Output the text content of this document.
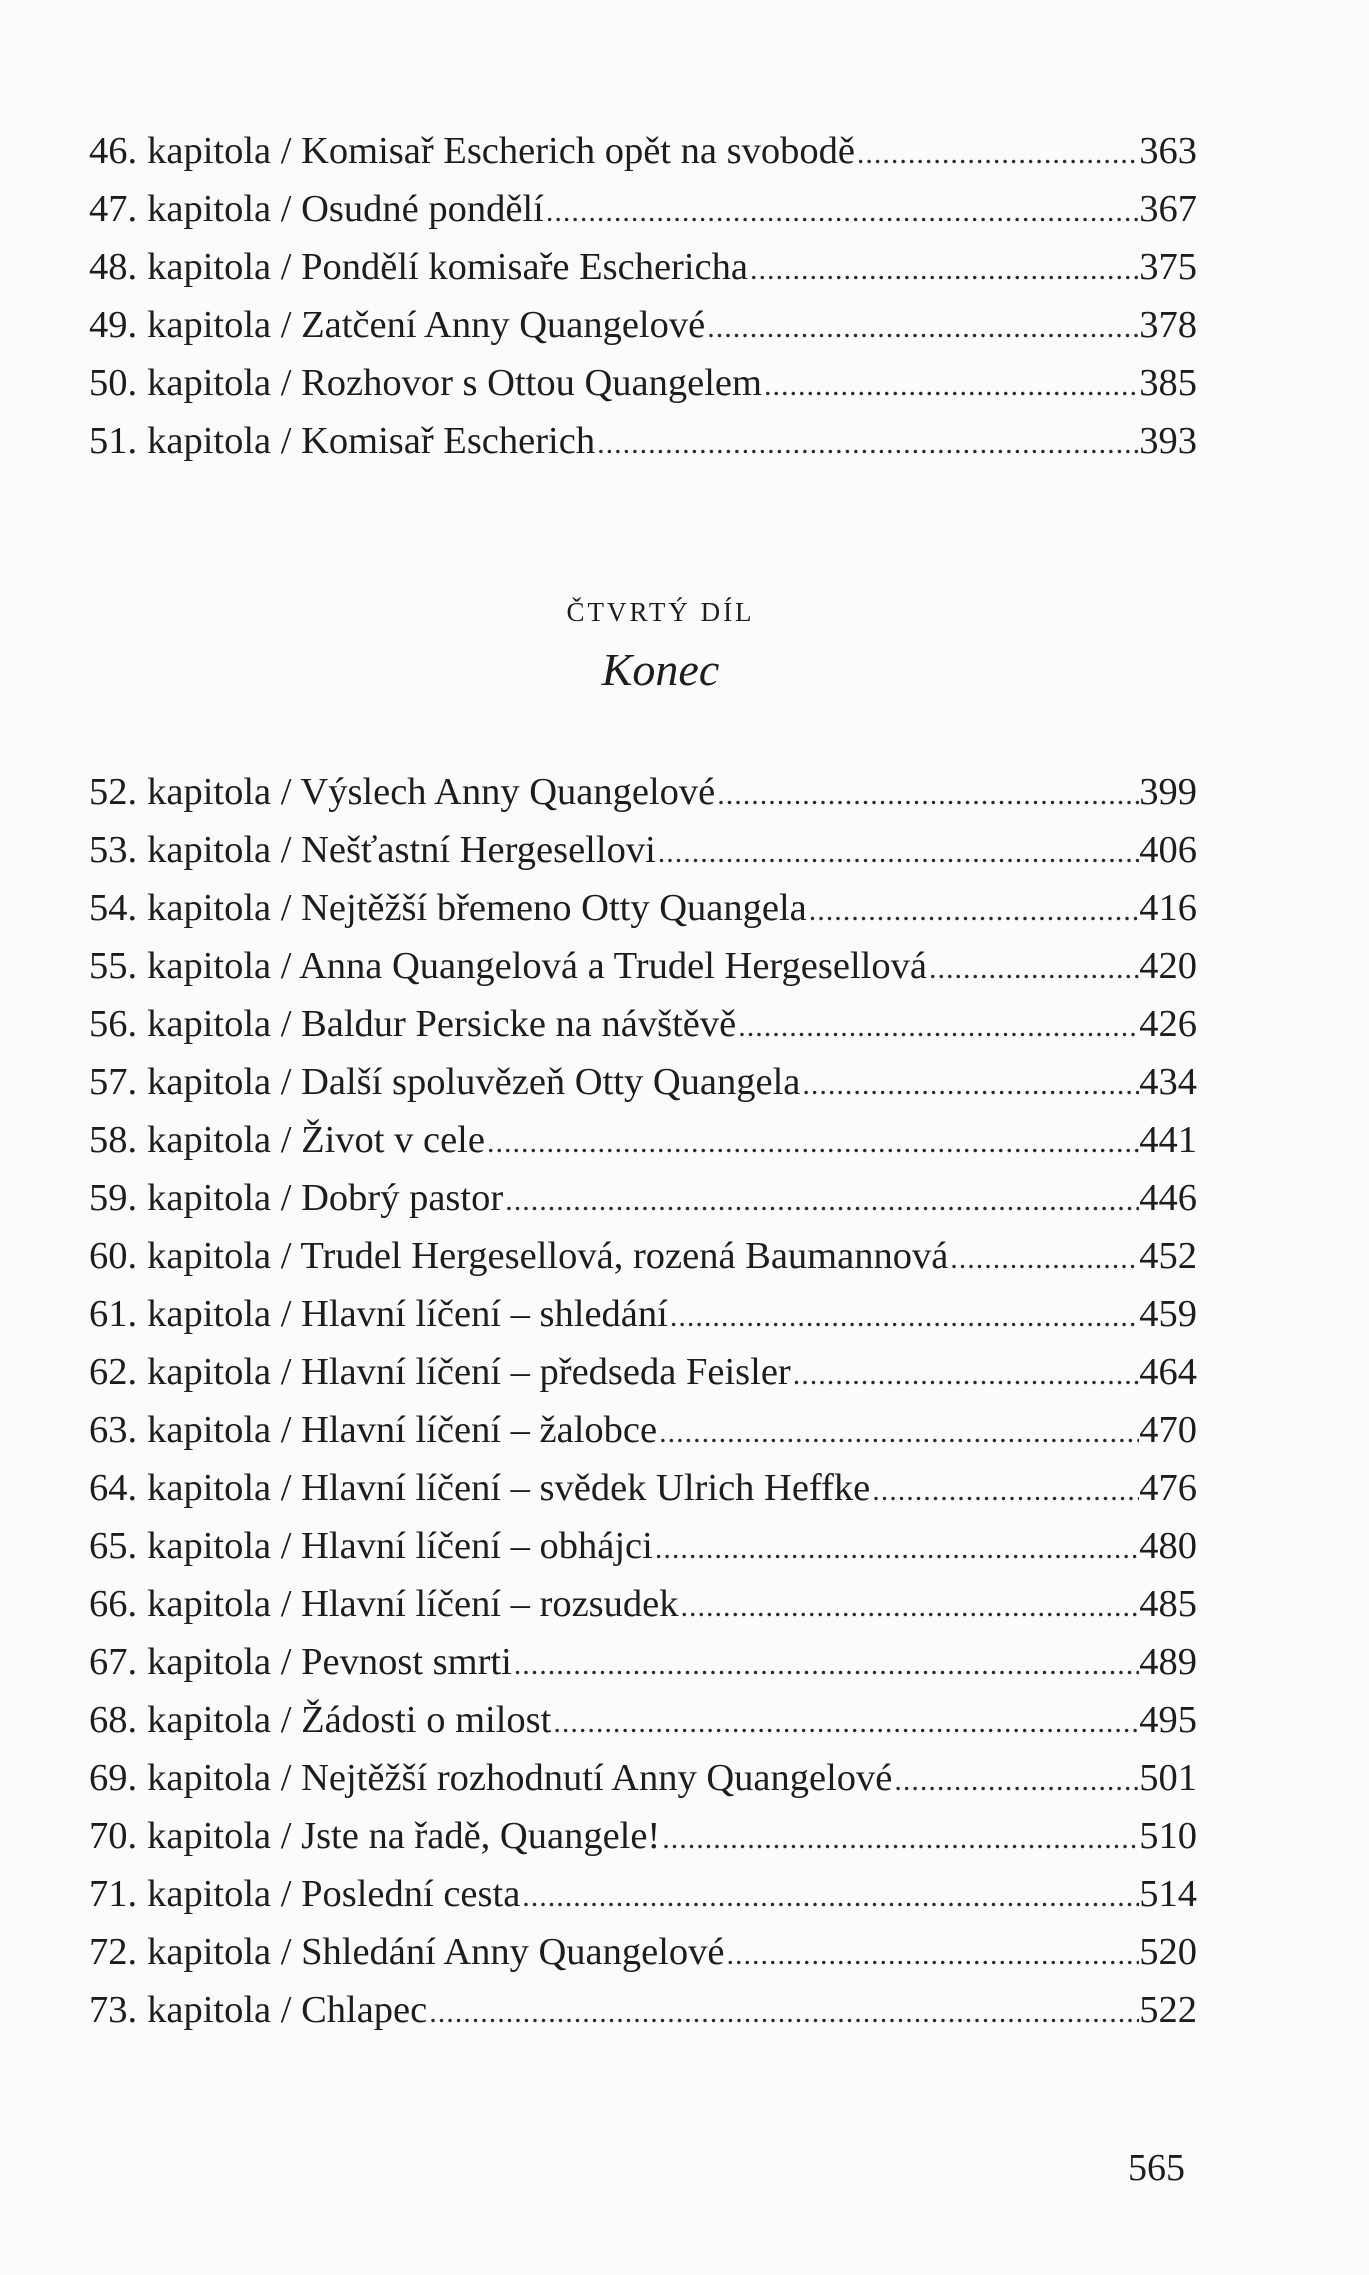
46. kapitola / Komisař Escherich opět na svobodě .....	363
47. kapitola / Osudné pondělí .....	367
48. kapitola / Pondělí komisaře Eschericha .....	375
49. kapitola / Zatčení Anny Quangelové .....	378
50. kapitola / Rozhovor s Ottou Quangelem .....	385
51. kapitola / Komisař Escherich .....	393
ČTVRTÝ DÍL
Konec
52. kapitola / Výslech Anny Quangelové .....	399
53. kapitola / Nešťastní Hergesellovi .....	406
54. kapitola / Nejtěžší břemeno Otty Quangela .....	416
55. kapitola / Anna Quangelová a Trudel Hergesellová .....	420
56. kapitola / Baldur Persicke na návštěvě .....	426
57. kapitola / Další spoluvězeň Otty Quangela .....	434
58. kapitola / Život v cele .....	441
59. kapitola / Dobrý pastor .....	446
60. kapitola / Trudel Hergesellová, rozená Baumannová .....	452
61. kapitola / Hlavní líčení – shledání .....	459
62. kapitola / Hlavní líčení – předseda Feisler .....	464
63. kapitola / Hlavní líčení – žalobce .....	470
64. kapitola / Hlavní líčení – svědek Ulrich Heffke .....	476
65. kapitola / Hlavní líčení – obhájci .....	480
66. kapitola / Hlavní líčení – rozsudek .....	485
67. kapitola / Pevnost smrti .....	489
68. kapitola / Žádosti o milost .....	495
69. kapitola / Nejtěžší rozhodnutí Anny Quangelové .....	501
70. kapitola / Jste na řadě, Quangele! .....	510
71. kapitola / Poslední cesta .....	514
72. kapitola / Shledání Anny Quangelové .....	520
73. kapitola / Chlapec .....	522
565
